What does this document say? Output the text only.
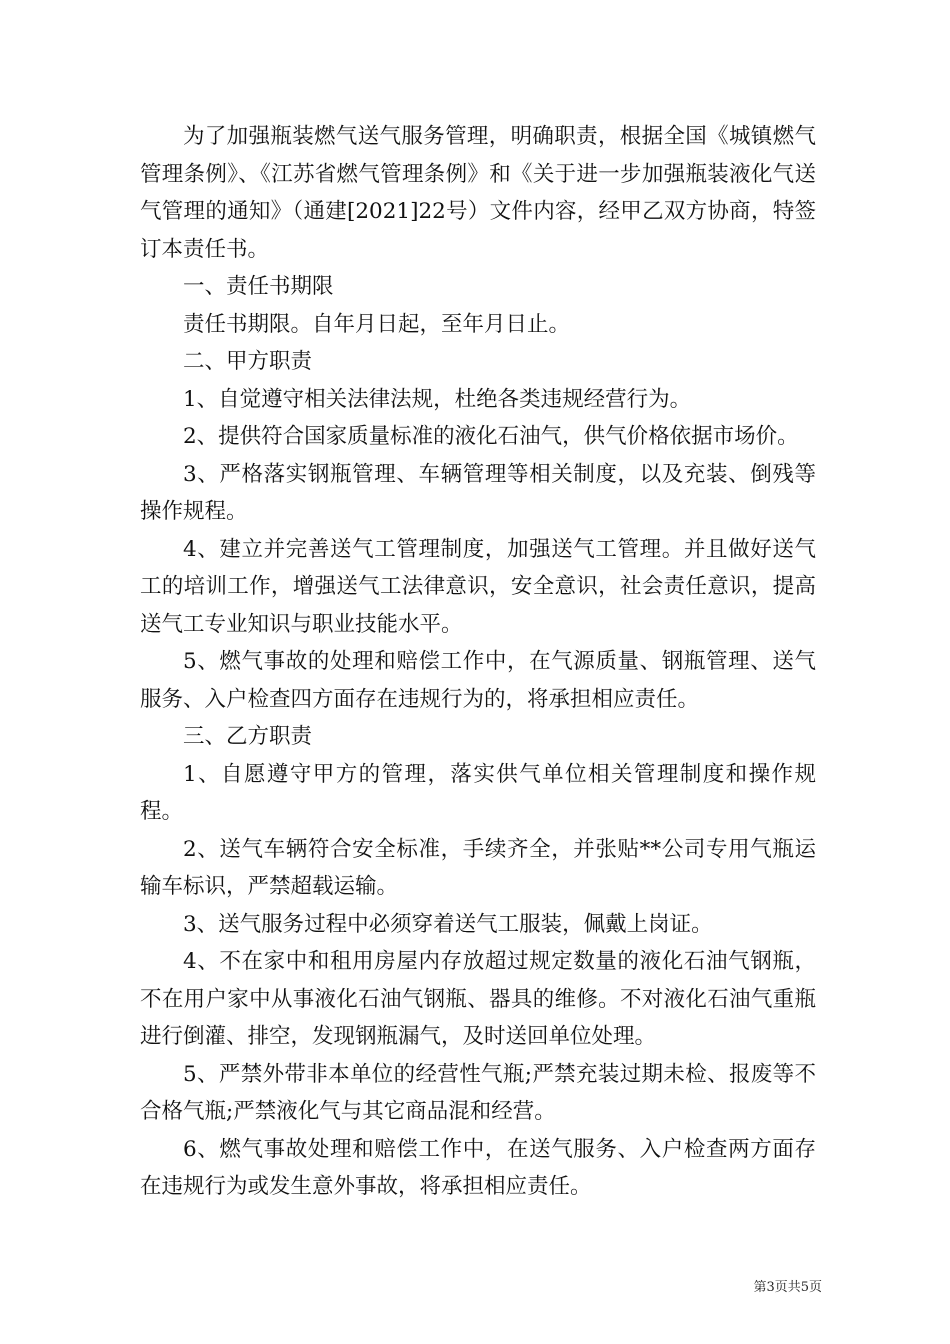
为了加强瓶装燃气送气服务管理，明确职责，根据全国《城镇燃气管理条例》、《江苏省燃气管理条例》和《关于进一步加强瓶装液化气送气管理的通知》（通建[2021]22号）文件内容，经甲乙双方协商，特签订本责任书。

一、责任书期限

责任书期限。自年月日起，至年月日止。

二、甲方职责

1、自觉遵守相关法律法规，杜绝各类违规经营行为。

2、提供符合国家质量标准的液化石油气，供气价格依据市场价。

3、严格落实钢瓶管理、车辆管理等相关制度，以及充装、倒残等操作规程。

4、建立并完善送气工管理制度，加强送气工管理。并且做好送气工的培训工作，增强送气工法律意识，安全意识，社会责任意识，提高送气工专业知识与职业技能水平。

5、燃气事故的处理和赔偿工作中，在气源质量、钢瓶管理、送气服务、入户检查四方面存在违规行为的，将承担相应责任。

三、乙方职责

1、自愿遵守甲方的管理，落实供气单位相关管理制度和操作规程。

2、送气车辆符合安全标准，手续齐全，并张贴**公司专用气瓶运输车标识，严禁超载运输。

3、送气服务过程中必须穿着送气工服装，佩戴上岗证。

4、不在家中和租用房屋内存放超过规定数量的液化石油气钢瓶，不在用户家中从事液化石油气钢瓶、器具的维修。不对液化石油气重瓶进行倒灌、排空，发现钢瓶漏气，及时送回单位处理。

5、严禁外带非本单位的经营性气瓶;严禁充装过期未检、报废等不合格气瓶;严禁液化气与其它商品混和经营。

6、燃气事故处理和赔偿工作中，在送气服务、入户检查两方面存在违规行为或发生意外事故，将承担相应责任。

第3页共5页
